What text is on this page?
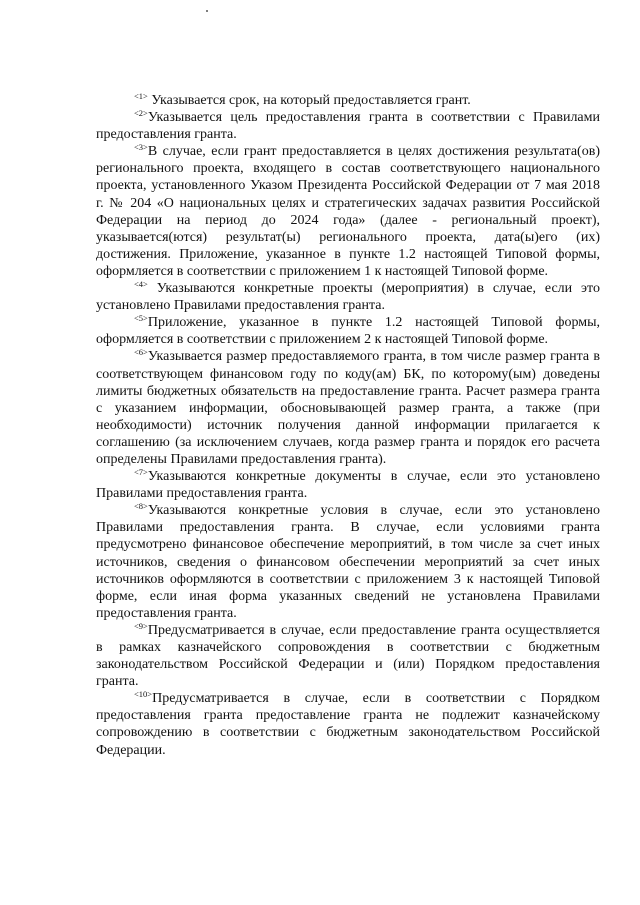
$^{<1>}$ Указывается срок, на который предоставляется грант.

$^{<2>}$Указывается цель предоставления гранта в соответствии с Правилами предоставления гранта.

$^{<3>}$В случае, если грант предоставляется в целях достижения результата(ов) регионального проекта, входящего в состав соответствующего национального проекта, установленного Указом Президента Российской Федерации от 7 мая 2018 г. № 204 «О национальных целях и стратегических задачах развития Российской Федерации на период до 2024 года» (далее - региональный проект), указывается(ются) результат(ы) регионального проекта, дата(ы)его (их) достижения. Приложение, указанное в пункте 1.2 настоящей Типовой формы, оформляется в соответствии с приложением 1 к настоящей Типовой форме.

$^{<4>}$ Указываются конкретные проекты (мероприятия) в случае, если это установлено Правилами предоставления гранта.

$^{<5>}$Приложение, указанное в пункте 1.2 настоящей Типовой формы, оформляется в соответствии с приложением 2 к настоящей Типовой форме.

$^{<6>}$Указывается размер предоставляемого гранта, в том числе размер гранта в соответствующем финансовом году по коду(ам) БК, по которому(ым) доведены лимиты бюджетных обязательств на предоставление гранта. Расчет размера гранта с указанием информации, обосновывающей размер гранта, а также (при необходимости) источник получения данной информации прилагается к соглашению (за исключением случаев, когда размер гранта и порядок его расчета определены Правилами предоставления гранта).

$^{<7>}$Указываются конкретные документы в случае, если это установлено Правилами предоставления гранта.

$^{<8>}$Указываются конкретные условия в случае, если это установлено Правилами предоставления гранта. В случае, если условиями гранта предусмотрено финансовое обеспечение мероприятий, в том числе за счет иных источников, сведения о финансовом обеспечении мероприятий за счет иных источников оформляются в соответствии с приложением 3 к настоящей Типовой форме, если иная форма указанных сведений не установлена Правилами предоставления гранта.

$^{<9>}$Предусматривается в случае, если предоставление гранта осуществляется в рамках казначейского сопровождения в соответствии с бюджетным законодательством Российской Федерации и (или) Порядком предоставления гранта.

$^{<10>}$Предусматривается в случае, если в соответствии с Порядком предоставления гранта предоставление гранта не подлежит казначейскому сопровождению в соответствии с бюджетным законодательством Российской Федерации.
